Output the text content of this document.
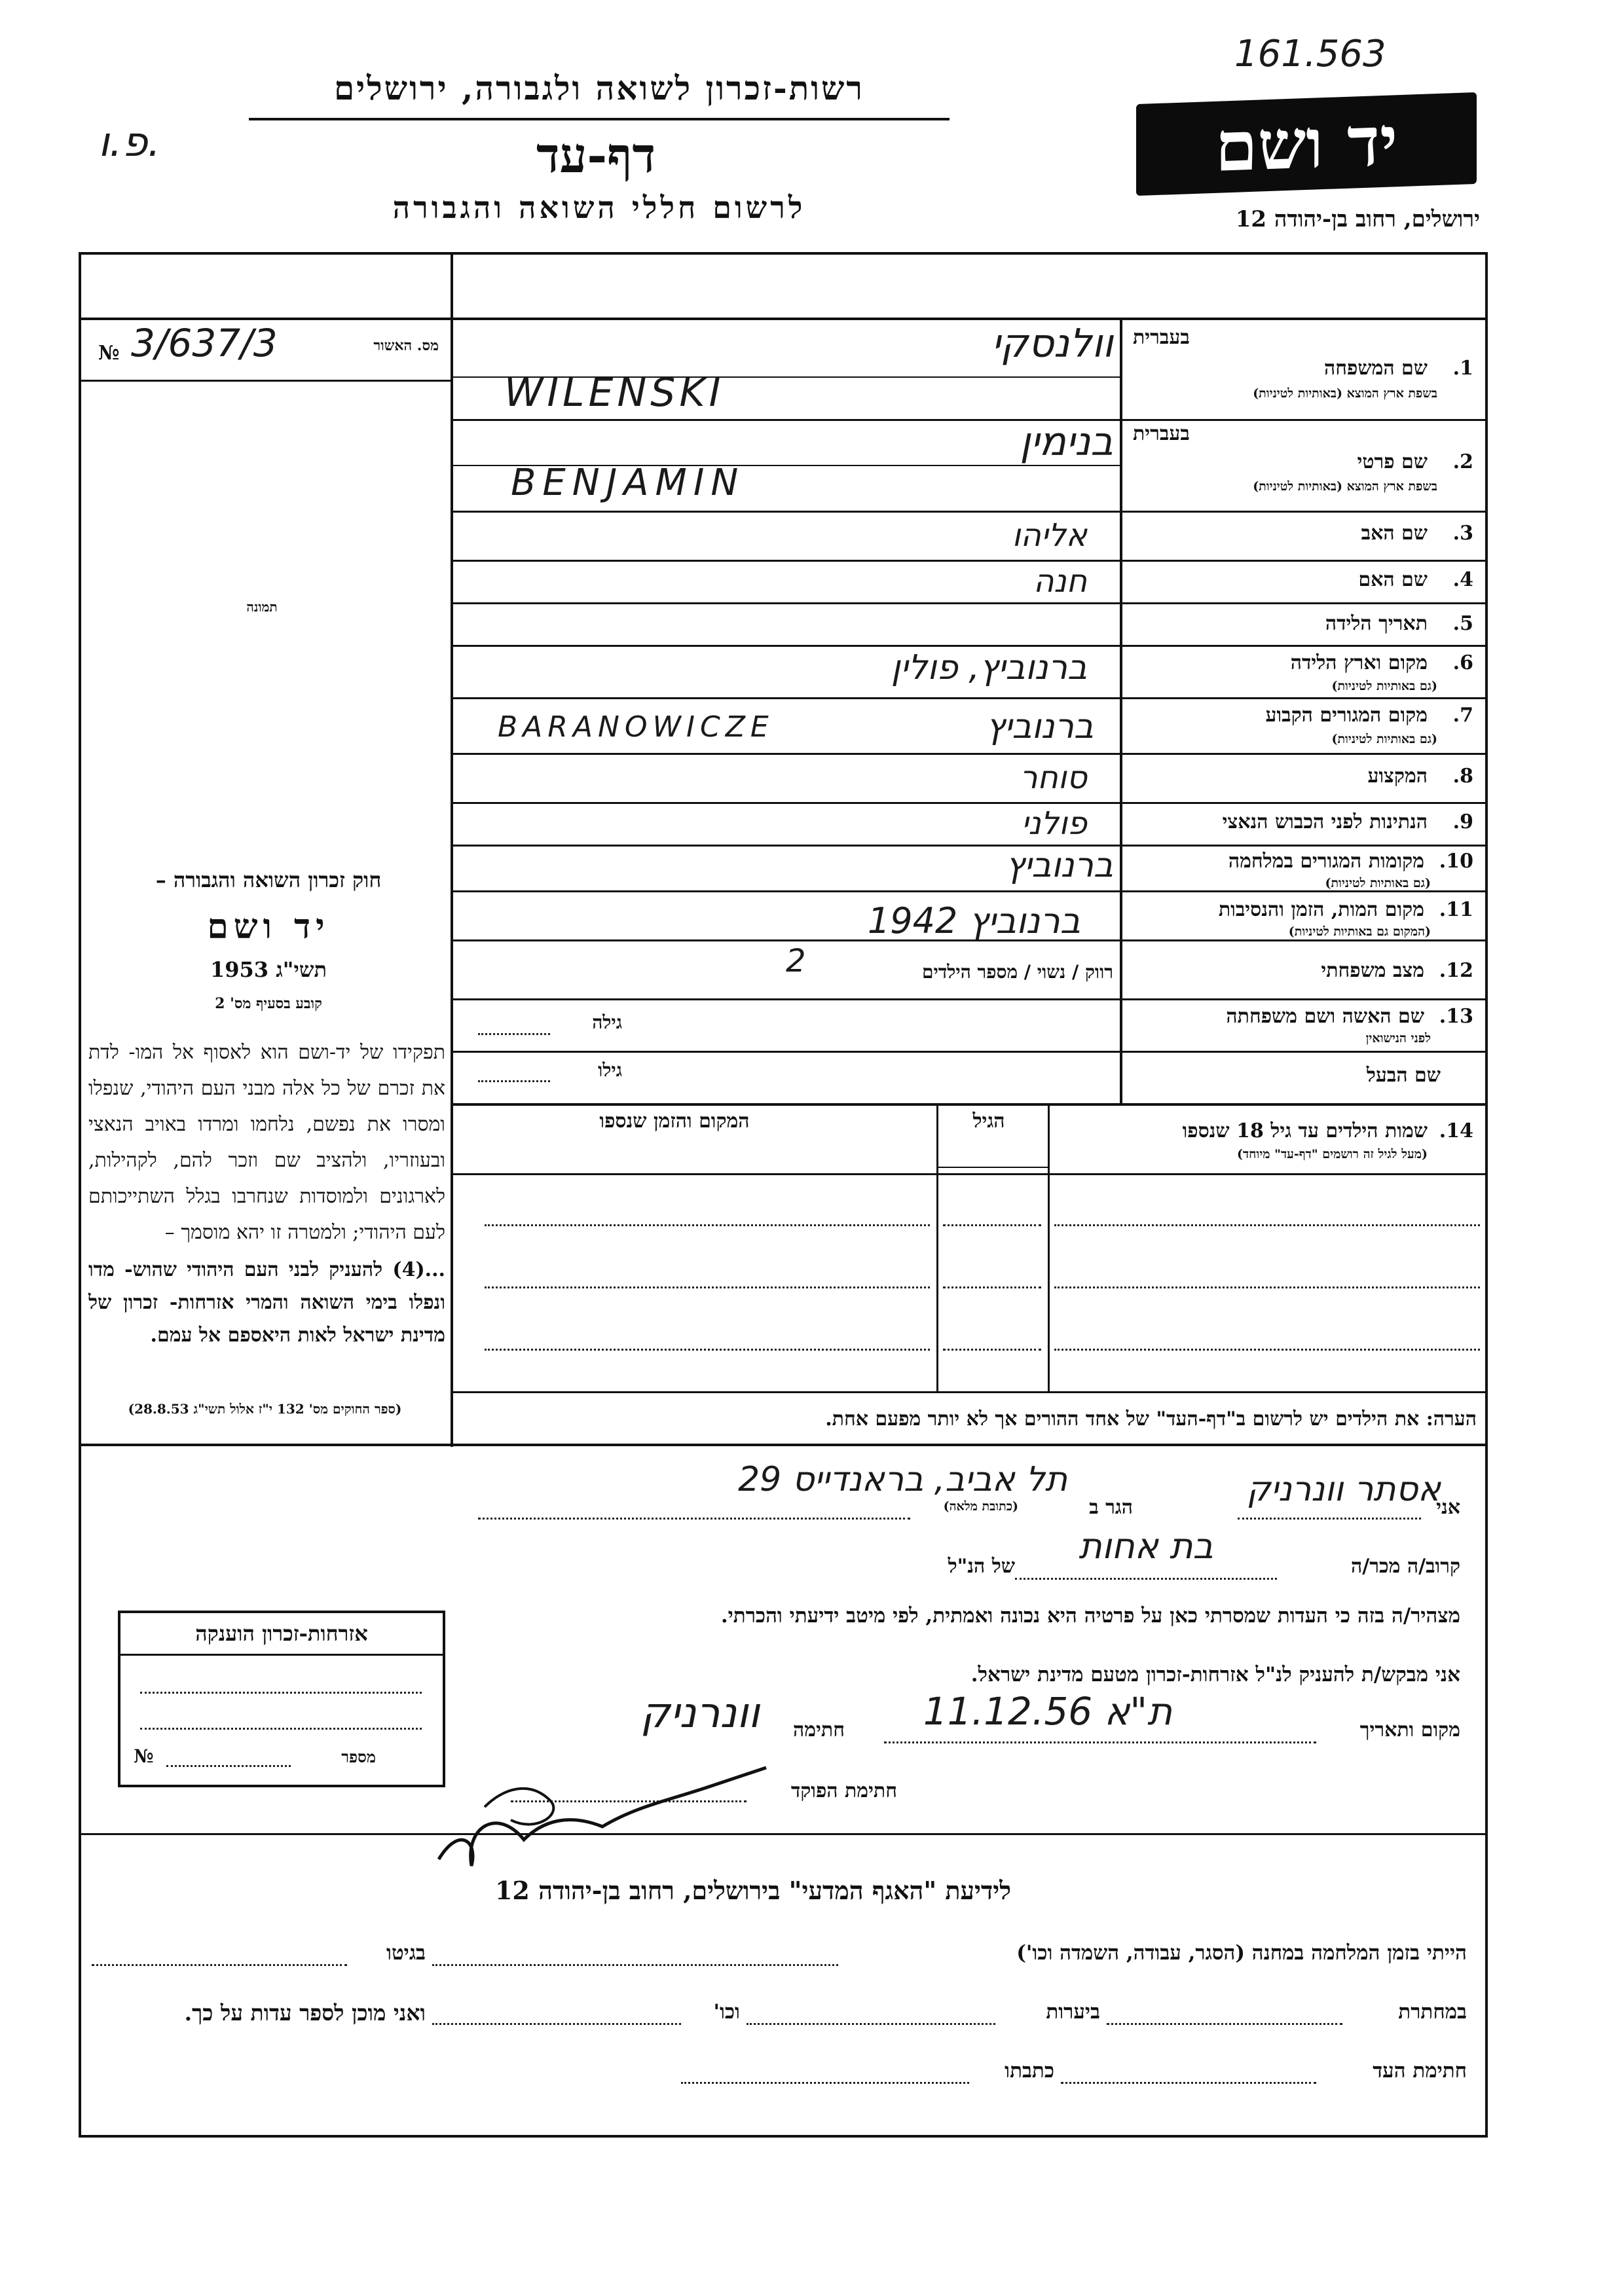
161.563
פ.ו.
רשות-זכרון לשואה ולגבורה, ירושלים
דף-עד
לרשום חללי השואה והגבורה
יד ושם
ירושלים, רחוב בן-יהודה 12
מס. האשור
№ 3/637/3
תמונה
חוק זכרון השואה והגבורה –
יד ושם
תשי"ג 1953
קובע בסעיף מס' 2
תפקידו של יד-ושם הוא לאסוף אל המו- לדת את זכרם של כל אלה מבני העם היהודי, שנפלו ומסרו את נפשם, נלחמו ומרדו באויב הנאצי ובעוזריו, ולהציב שם וזכר להם, לקהילות, לארגונים ולמוסדות שנחרבו בגלל השתייכותם לעם היהודי; ולמטרה זו יהא מוסמך –
...(4) להעניק לבני העם היהודי שהוש- מדו ונפלו בימי השואה והמרי אזרחות- זכרון של מדינת ישראל לאות היאספם אל עמם.
(ספר החוקים מס' 132 י"ז אלול תשי"ג 28.8.53)
1.
בעברית
שם המשפחה
בשפת ארץ המוצא (באותיות לטיניות)
2.
בעברית
שם פרטי
בשפת ארץ המוצא (באותיות לטיניות)
3.
שם האב
4.
שם האם
5.
תאריך הלידה
6.
מקום וארץ הלידה
(גם באותיות לטיניות)
7.
מקום המגורים הקבוע
(גם באותיות לטיניות)
8.
המקצוע
9.
הנתינות לפני הכבוש הנאצי
10.
מקומות המגורים במלחמה
(גם באותיות לטיניות)
11.
מקום המות, הזמן והנסיבות
(המקום גם באותיות לטיניות)
12.
מצב משפחתי
13.
שם האשה ושם משפחתה
לפני הנישואין
שם הבעל
וולנסקי
WILENSKI
בנימין
BENJAMIN
אליהו
חנה
ברנוביץ, פולין
ברנוביץ
BARANOWICZE
סוחר
פולני
ברנוביץ
ברנוביץ 1942
רווק / נשוי / מספר הילדים
2
גילה
גילו
14.
שמות הילדים עד גיל 18 שנספו
(מעל לגיל זה רושמים "דף-עד" מיוחד)
הגיל
המקום והזמן שנספו
הערה: את הילדים יש לרשום ב"דף-העד" של אחד ההורים אך לא יותר מפעם אחת.
אני
אסתר וונרניק
הגר ב
(כתובת מלאה)
תל אביב, בראנדייס 29
קרוב/ה מכר/ה
בת אחות
של הנ"ל
מצהיר/ה בזה כי העדות שמסרתי כאן על פרטיה היא נכונה ואמתית, לפי מיטב ידיעתי והכרתי.
אני מבקש/ת להעניק לנ"ל אזרחות-זכרון מטעם מדינת ישראל.
מקום ותאריך
ת"א 11.12.56
חתימה
וונרניק
חתימת הפוקד
אזרחות-זכרון הוענקה
מספר
№
לידיעת "האגף המדעי" בירושלים, רחוב בן-יהודה 12
הייתי בזמן המלחמה במחנה (הסגר, עבודה, השמדה וכו')
בגיטו
במחתרת
ביערות
וכו'
ואני מוכן לספר עדות על כך.
חתימת העד
כתבתו
